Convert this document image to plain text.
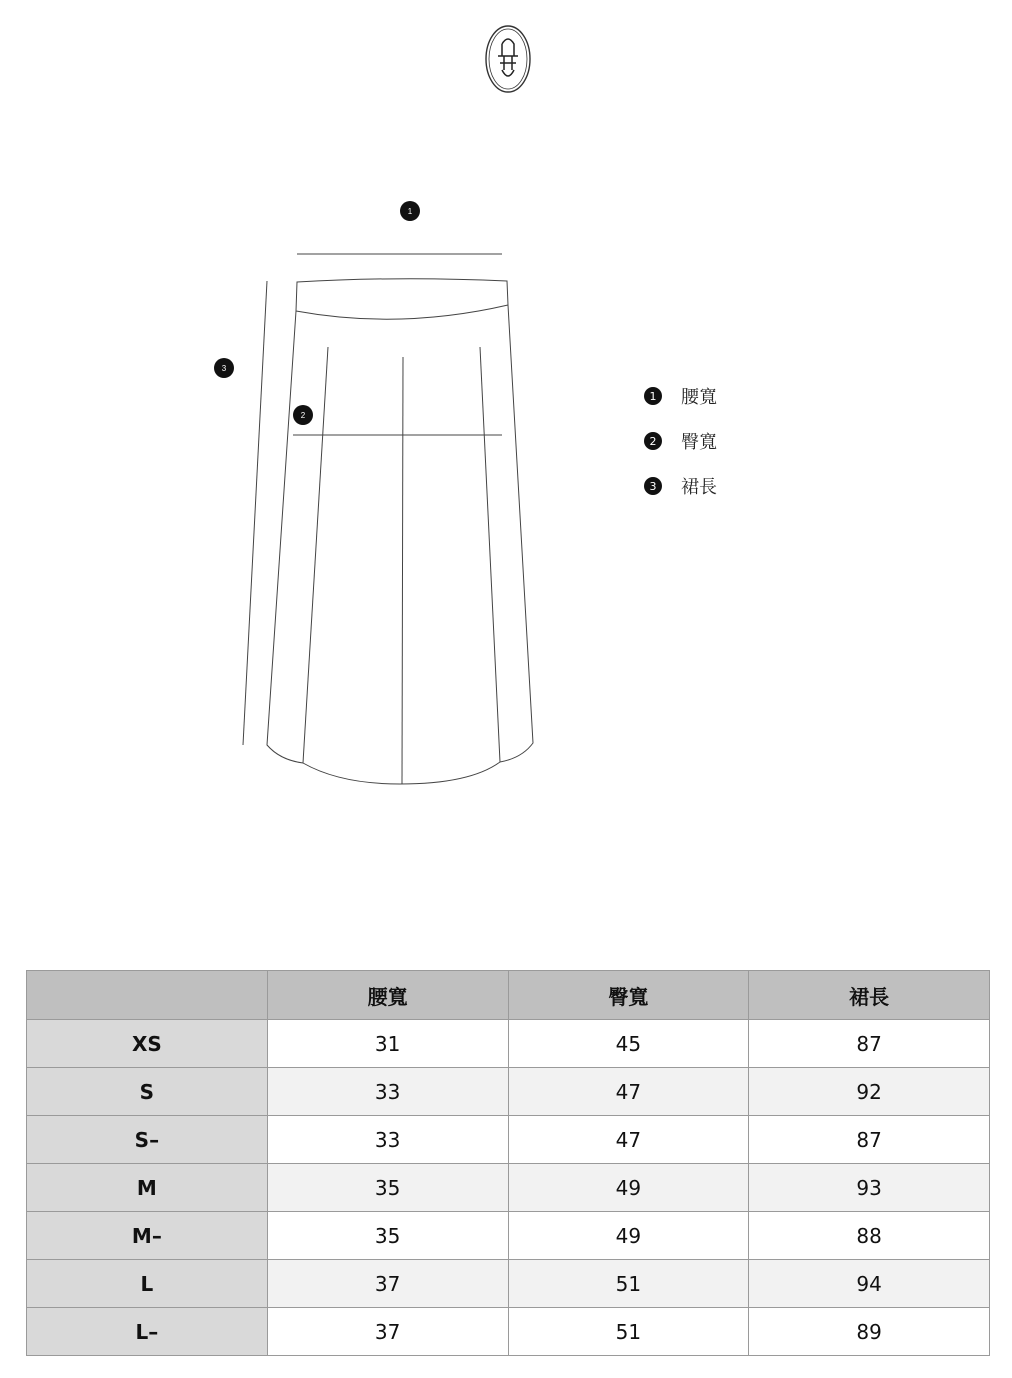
1
3
2
1	腰寬
2	臀寬
3	裙長
	腰寬	臀寬	裙長
XS	31	45	87
S	33	47	92
S–	33	47	87
M	35	49	93
M–	35	49	88
L	37	51	94
L–	37	51	89
